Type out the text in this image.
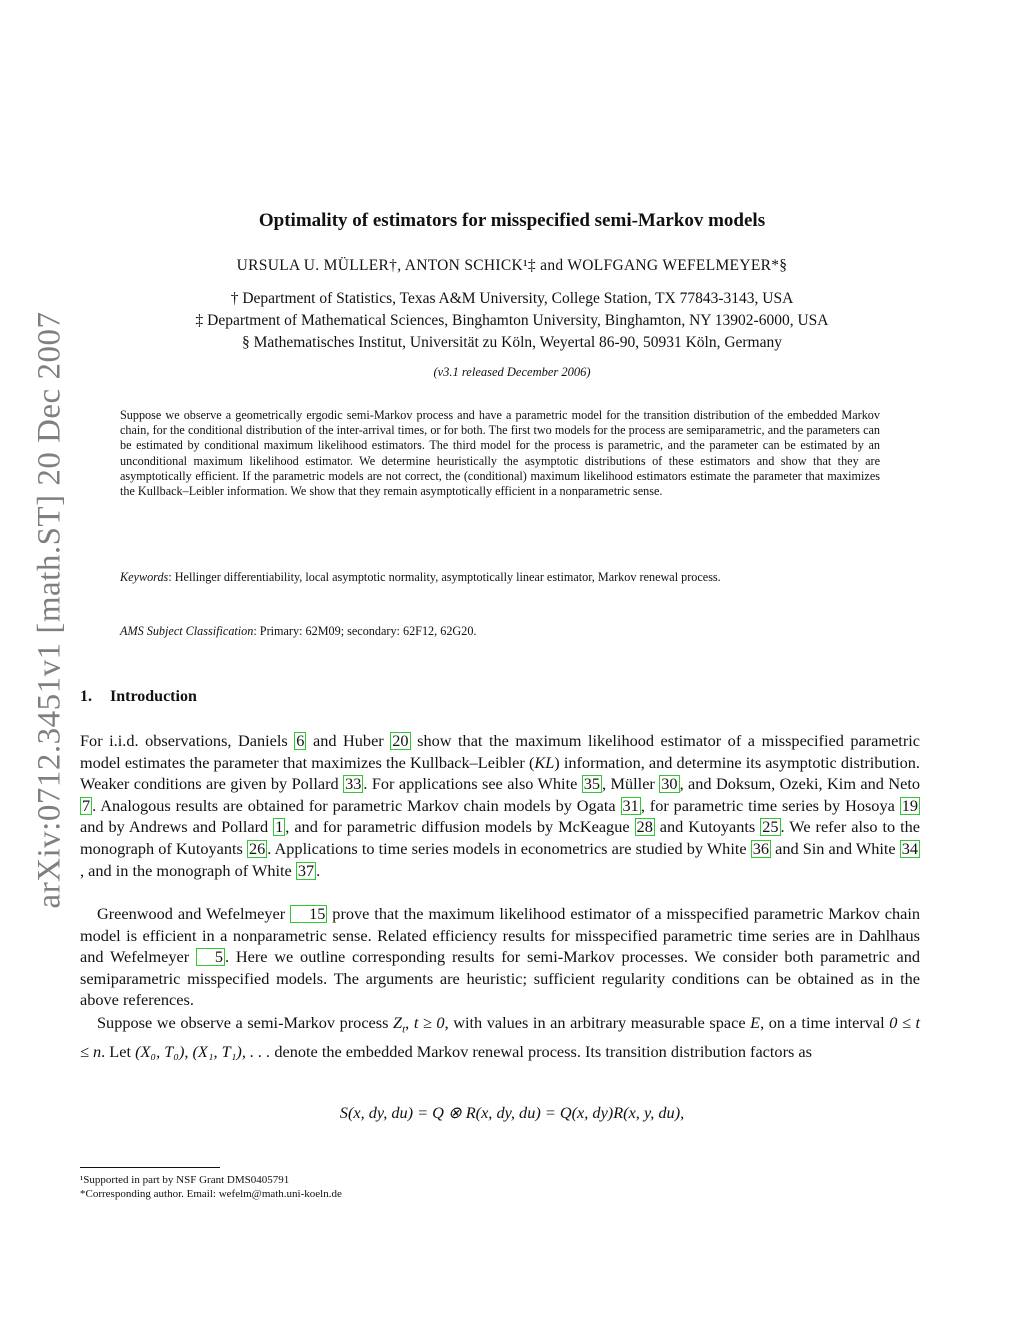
arXiv:0712.3451v1 [math.ST] 20 Dec 2007
Optimality of estimators for misspecified semi-Markov models
URSULA U. MÜLLER†, ANTON SCHICK¹‡ and WOLFGANG WEFELMEYER*§
† Department of Statistics, Texas A&M University, College Station, TX 77843-3143, USA
‡ Department of Mathematical Sciences, Binghamton University, Binghamton, NY 13902-6000, USA
§ Mathematisches Institut, Universität zu Köln, Weyertal 86-90, 50931 Köln, Germany
(v3.1 released December 2006)
Suppose we observe a geometrically ergodic semi-Markov process and have a parametric model for the transition distribution of the embedded Markov chain, for the conditional distribution of the inter-arrival times, or for both. The first two models for the process are semiparametric, and the parameters can be estimated by conditional maximum likelihood estimators. The third model for the process is parametric, and the parameter can be estimated by an unconditional maximum likelihood estimator. We determine heuristically the asymptotic distributions of these estimators and show that they are asymptotically efficient. If the parametric models are not correct, the (conditional) maximum likelihood estimators estimate the parameter that maximizes the Kullback–Leibler information. We show that they remain asymptotically efficient in a nonparametric sense.
Keywords: Hellinger differentiability, local asymptotic normality, asymptotically linear estimator, Markov renewal process.
AMS Subject Classification: Primary: 62M09; secondary: 62F12, 62G20.
1. Introduction
For i.i.d. observations, Daniels 6 and Huber 20 show that the maximum likelihood estimator of a misspecified parametric model estimates the parameter that maximizes the Kullback–Leibler (KL) information, and determine its asymptotic distribution. Weaker conditions are given by Pollard 33 . For applications see also White 35 , Müller 30 , and Doksum, Ozeki, Kim and Neto 7 . Analogous results are obtained for parametric Markov chain models by Ogata 31 , for parametric time series by Hosoya 19 and by Andrews and Pollard 1 , and for parametric diffusion models by McKeague 28 and Kutoyants 25 . We refer also to the monograph of Kutoyants 26 . Applications to time series models in econometrics are studied by White 36 and Sin and White 34, and in the monograph of White 37 .
Greenwood and Wefelmeyer 15 prove that the maximum likelihood estimator of a misspecified parametric Markov chain model is efficient in a nonparametric sense. Related efficiency results for misspecified parametric time series are in Dahlhaus and Wefelmeyer 5 . Here we outline corresponding results for semi-Markov processes. We consider both parametric and semiparametric misspecified models. The arguments are heuristic; sufficient regularity conditions can be obtained as in the above references.
Suppose we observe a semi-Markov process $Z_t$, t ≥ 0, with values in an arbitrary measurable space E, on a time interval 0 ≤ t ≤ n. Let (X₀, T₀), (X₁, T₁), . . . denote the embedded Markov renewal process. Its transition distribution factors as
S(x, dy, du) = Q ⊗ R(x, dy, du) = Q(x, dy)R(x, y, du),
¹Supported in part by NSF Grant DMS0405791
*Corresponding author. Email: wefelm@math.uni-koeln.de
